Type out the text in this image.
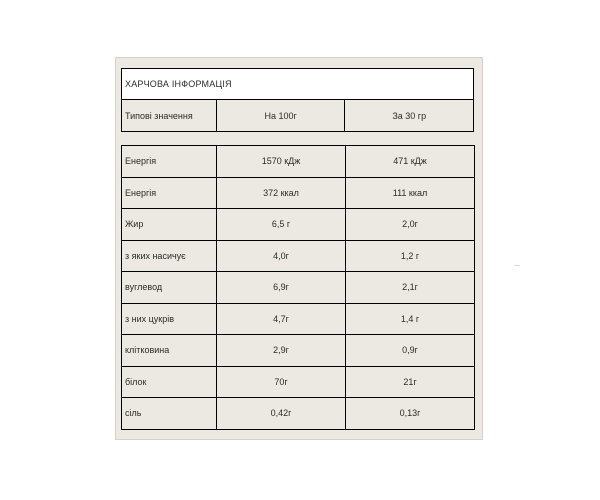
ХАРЧОВА ІНФОРМАЦІЯ
Типові значення	На 100г	За 30 гр
Енергія	1570 кДж	471 кДж
Енергія	372 ккал	111 ккал
Жир	6,5 г	2,0г
з яких насичує	4,0г	1,2 г
вуглевод	6,9г	2,1г
з них цукрів	4,7г	1,4 г
клітковина	2,9г	0,9г
білок	70г	21г
сіль	0,42г	0,13г
